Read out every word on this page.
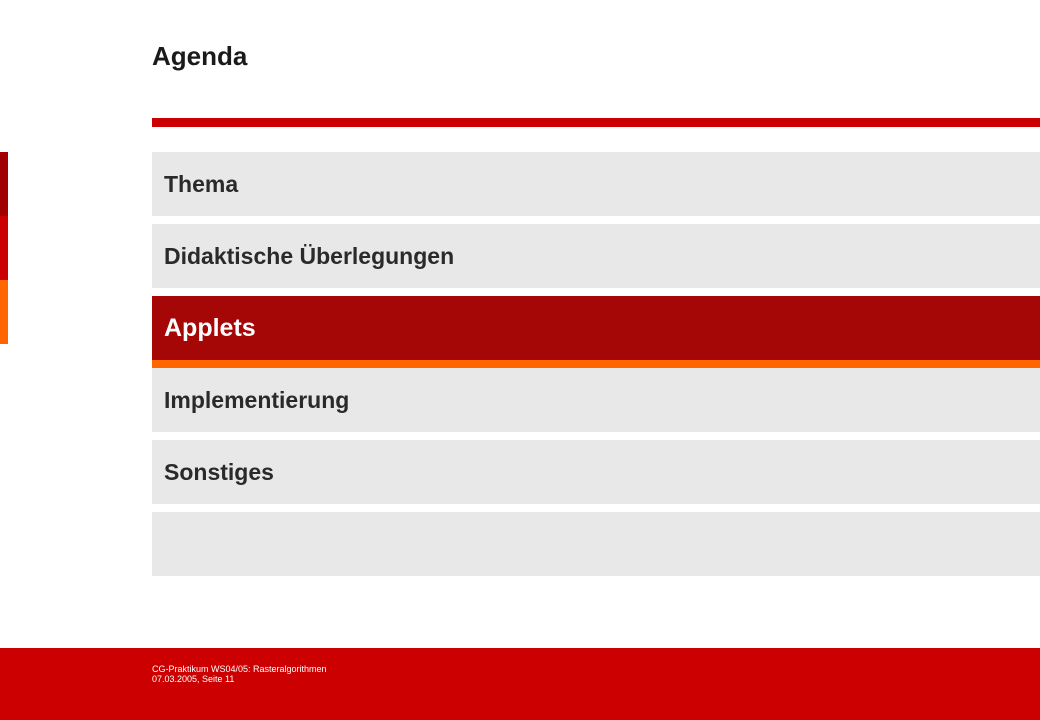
Agenda
Thema
Didaktische Überlegungen
Applets
Implementierung
Sonstiges
CG-Praktikum WS04/05: Rasteralgorithmen
07.03.2005, Seite 11
